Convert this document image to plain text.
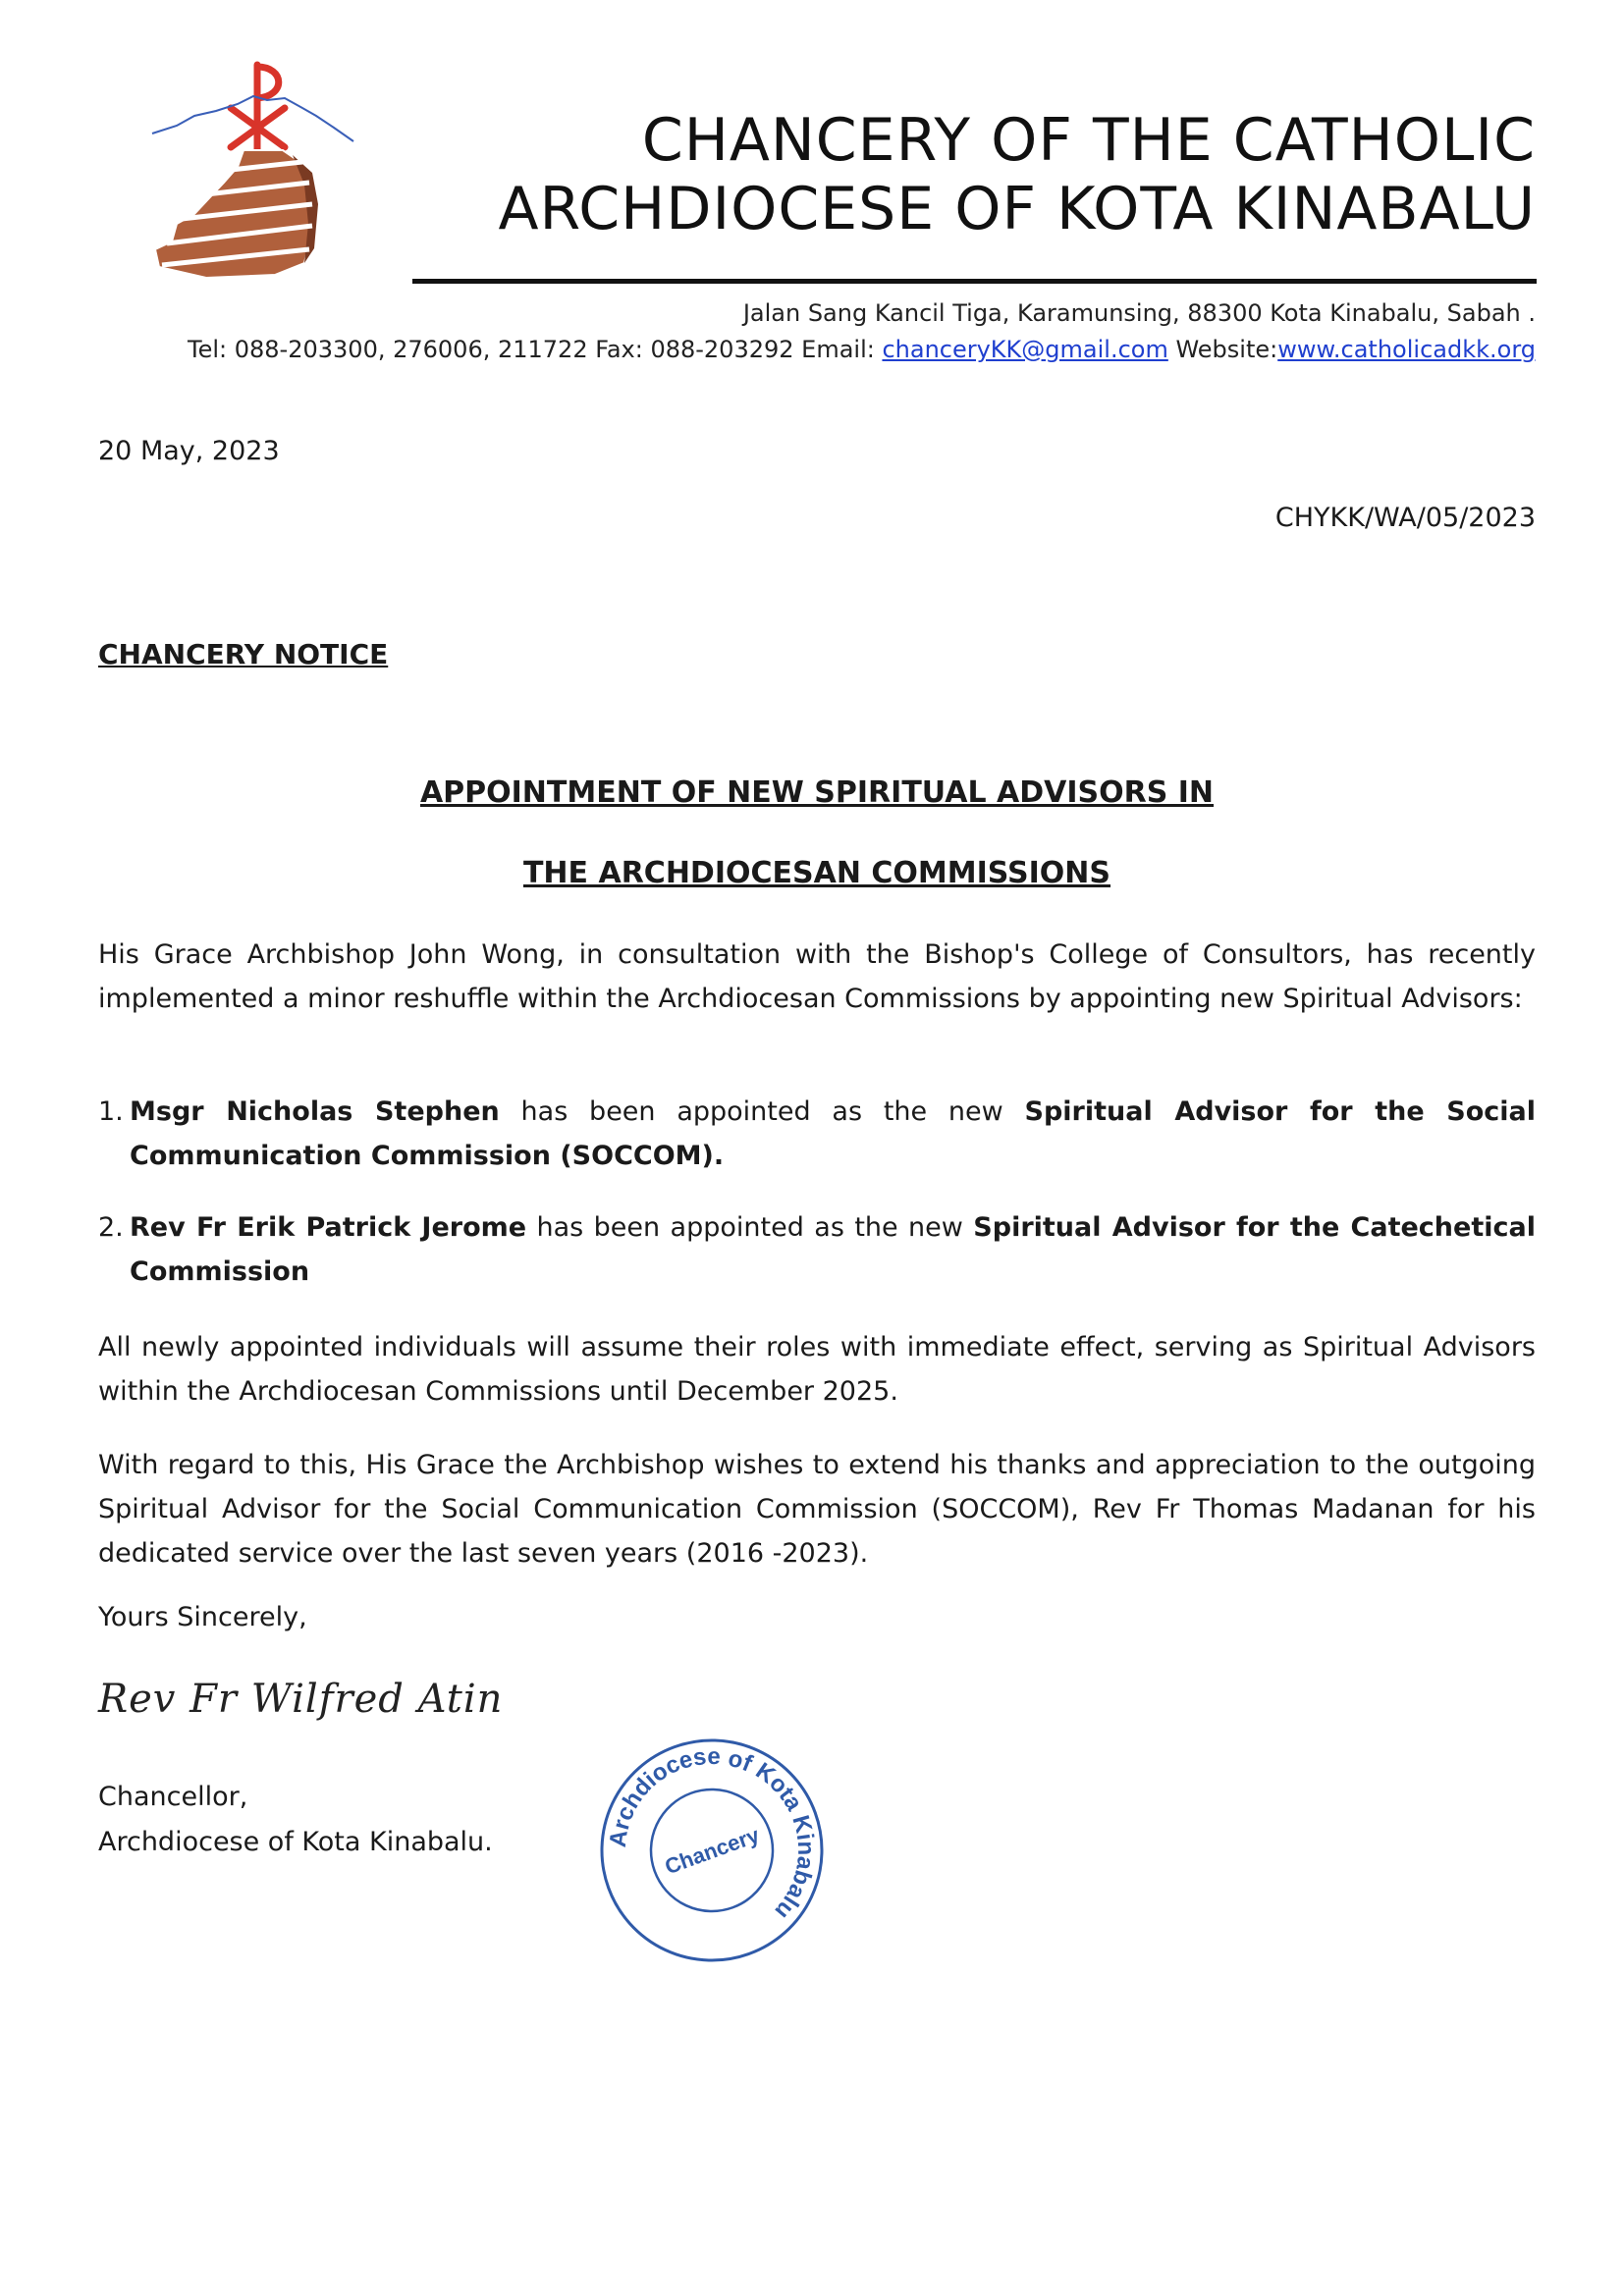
CHANCERY OF THE CATHOLIC
ARCHDIOCESE OF KOTA KINABALU
Jalan Sang Kancil Tiga, Karamunsing, 88300 Kota Kinabalu, Sabah .
Tel: 088-203300, 276006, 211722 Fax: 088-203292 Email: chanceryKK@gmail.com Website:www.catholicadkk.org
20 May, 2023
CHYKK/WA/05/2023
CHANCERY NOTICE
APPOINTMENT OF NEW SPIRITUAL ADVISORS IN
THE ARCHDIOCESAN COMMISSIONS
His Grace Archbishop John Wong, in consultation with the Bishop's College of Consultors, has recently implemented a minor reshuffle within the Archdiocesan Commissions by appointing new Spiritual Advisors:
1. Msgr Nicholas Stephen has been appointed as the new Spiritual Advisor for the Social Communication Commission (SOCCOM).
2. Rev Fr Erik Patrick Jerome has been appointed as the new Spiritual Advisor for the Catechetical Commission
All newly appointed individuals will assume their roles with immediate effect, serving as Spiritual Advisors within the Archdiocesan Commissions until December 2025.
With regard to this, His Grace the Archbishop wishes to extend his thanks and appreciation to the outgoing Spiritual Advisor for the Social Communication Commission (SOCCOM), Rev Fr Thomas Madanan for his dedicated service over the last seven years (2016 -2023).
Yours Sincerely,
Rev Fr Wilfred Atin
Chancellor,
Archdiocese of Kota Kinabalu.	Archdiocese of Kota Kinabalu
Chancery
